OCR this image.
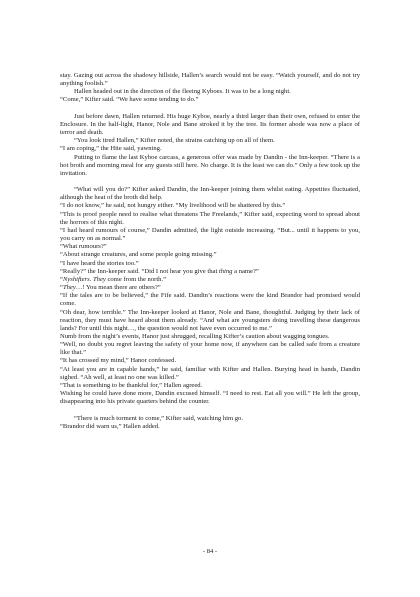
stay. Gazing out across the shadowy hillside, Hallen’s search would not be easy. “Watch yourself, and do not try anything foolish.”

Hallen headed out in the direction of the fleeing Kyboes. It was to be a long night.

“Come,” Kifter said. “We have some tending to do.”

Just before dawn, Hallen returned. His huge Kyboe, nearly a third larger than their own, refused to enter the Enclosure. In the half-light, Hanor, Nole and Bane stroked it by the tree. Its former abode was now a place of terror and death.

“You look tired Hallen,” Kifter noted, the strains catching up on all of them.

“I am coping,” the Hite said, yawning.

Putting to flame the last Kyboe carcass, a generous offer was made by Dandin - the Inn-keeper. “There is a hot broth and morning meal for any guests still here. No charge. It is the least we can do.” Only a few took up the invitation.

“What will you do?” Kifter asked Dandin, the Inn-keeper joining them whilst eating. Appetites fluctuated, although the heat of the broth did help.

“I do not know,” he said, not hungry either. “My livelihood will be shattered by this.”

“This is proof people need to realise what threatens The Freelands,” Kifter said, expecting word to spread about the horrors of this night.

“I had heard rumours of course,” Dandin admitted, the light outside increasing. “But... until it happens to you, you carry on as normal.”

“What rumours?”

“About strange creatures, and some people going missing.”

“I have heard the stories too.”

“Really?” the Inn-keeper said. “Did I not hear you give that thing a name?”

“Nyshifters. They come from the north.”

“They…! You mean there are others?”

“If the tales are to be believed,” the Fife said. Dandin’s reactions were the kind Brandor had promised would come.

“Oh dear, how terrible.” The Inn-keeper looked at Hanor, Nole and Bane, thoughtful. Judging by their lack of reaction, they must have heard about them already. “And what are youngsters doing travelling these dangerous lands? For until this night…, the question would not have even occurred to me.”

Numb from the night’s events, Hanor just shrugged, recalling Kifter’s caution about wagging tongues.

“Well, no doubt you regret leaving the safety of your home now, if anywhere can be called safe from a creature like that.”

“It has crossed my mind,” Hanor confessed.

“At least you are in capable hands,” he said, familiar with Kifter and Hallen. Burying head in hands, Dandin sighed. “Ah well, at least no one was killed.”

“That is something to be thankful for,” Hallen agreed.

Wishing he could have done more, Dandin excused himself. “I need to rest. Eat all you will.” He left the group, disappearing into his private quarters behind the counter.

“There is much torment to come,” Kifter said, watching him go.

“Brandor did warn us,” Hallen added.

- 84 -
